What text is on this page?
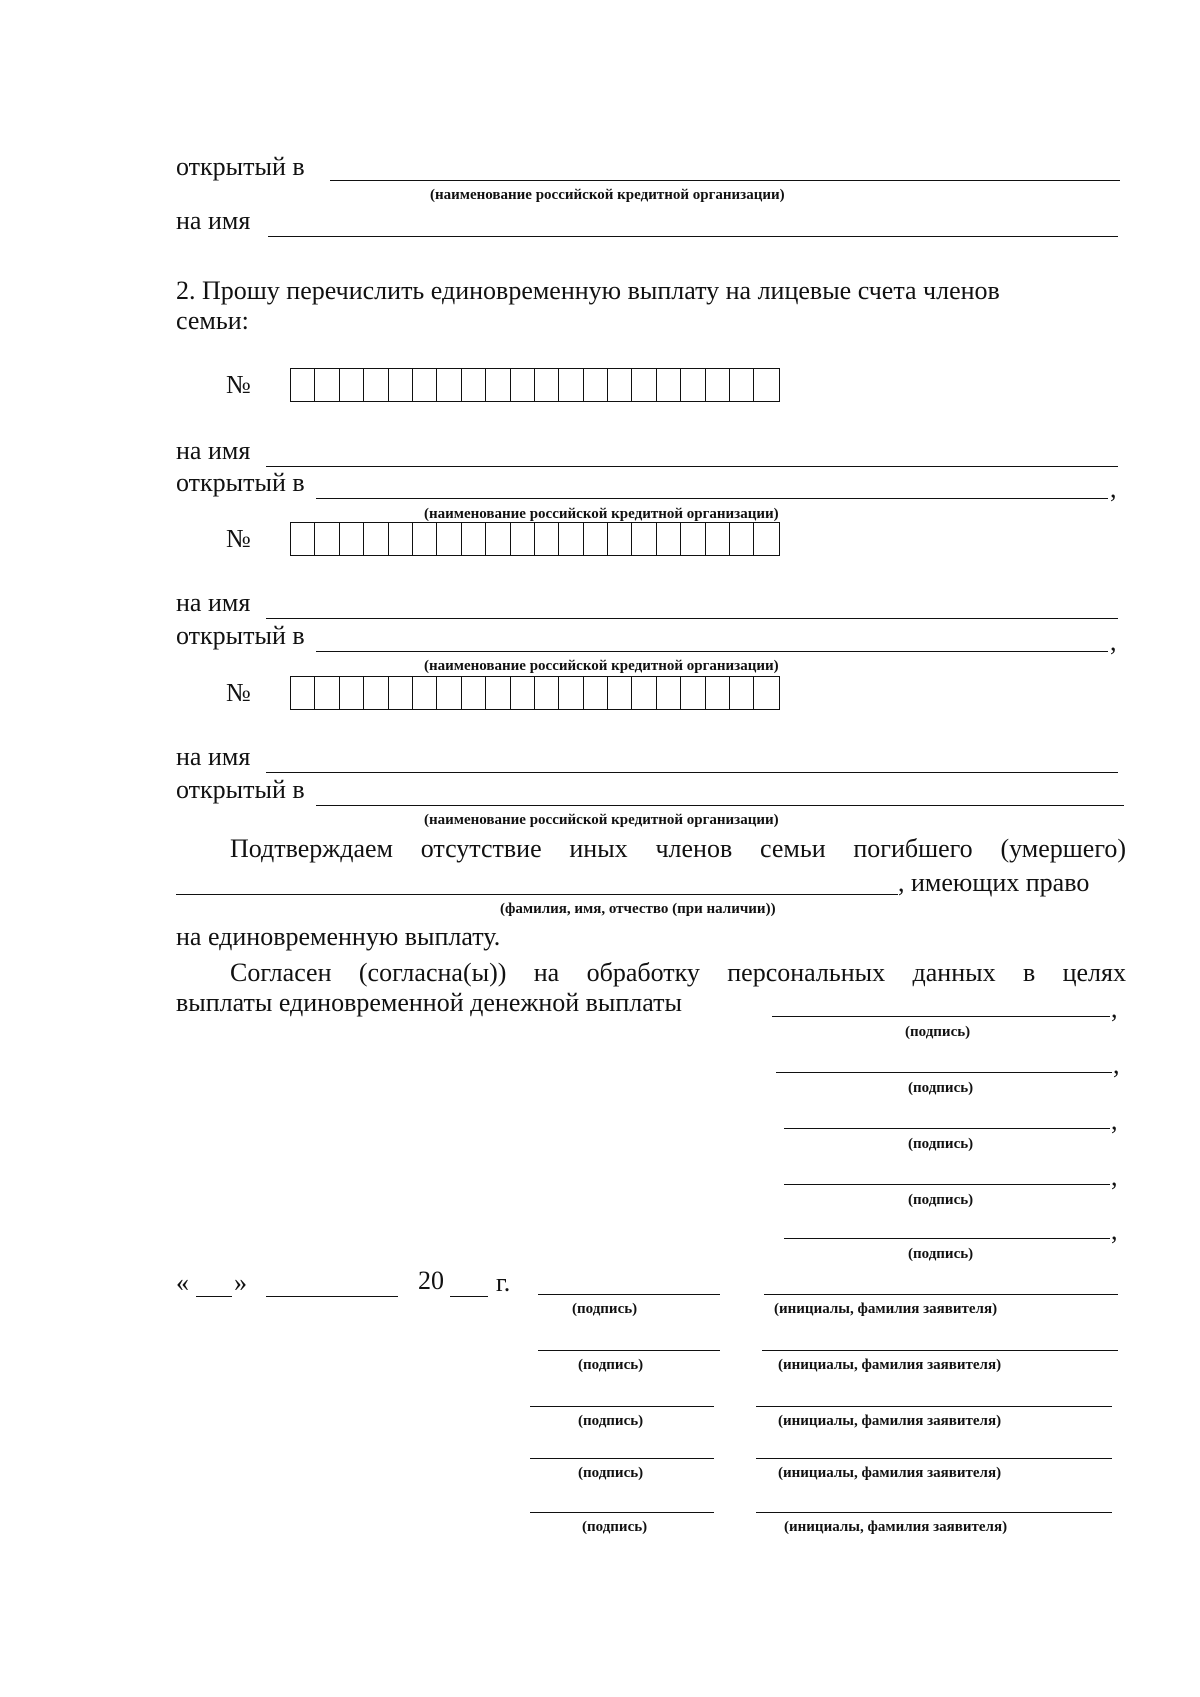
открытый в
(наименование российской кредитной организации)
на имя
2. Прошу перечислить единовременную выплату на лицевые счета членов
семьи:
№
на имя
открытый в	,
(наименование российской кредитной организации)
№
на имя
открытый в	,
(наименование российской кредитной организации)
№
на имя
открытый в
(наименование российской кредитной организации)
Подтверждаем отсутствие иных членов семьи погибшего (умершего)
, имеющих право
(фамилия, имя, отчество (при наличии))
на единовременную выплату.
Согласен (согласна(ы)) на обработку персональных данных в целях
выплаты единовременной денежной выплаты	,
(подпись)
,
(подпись)
,
(подпись)
,
(подпись)
,
(подпись)
« »	20 г.
(подпись)	(инициалы, фамилия заявителя)
(подпись)	(инициалы, фамилия заявителя)
(подпись)	(инициалы, фамилия заявителя)
(подпись)	(инициалы, фамилия заявителя)
(подпись)	(инициалы, фамилия заявителя)
